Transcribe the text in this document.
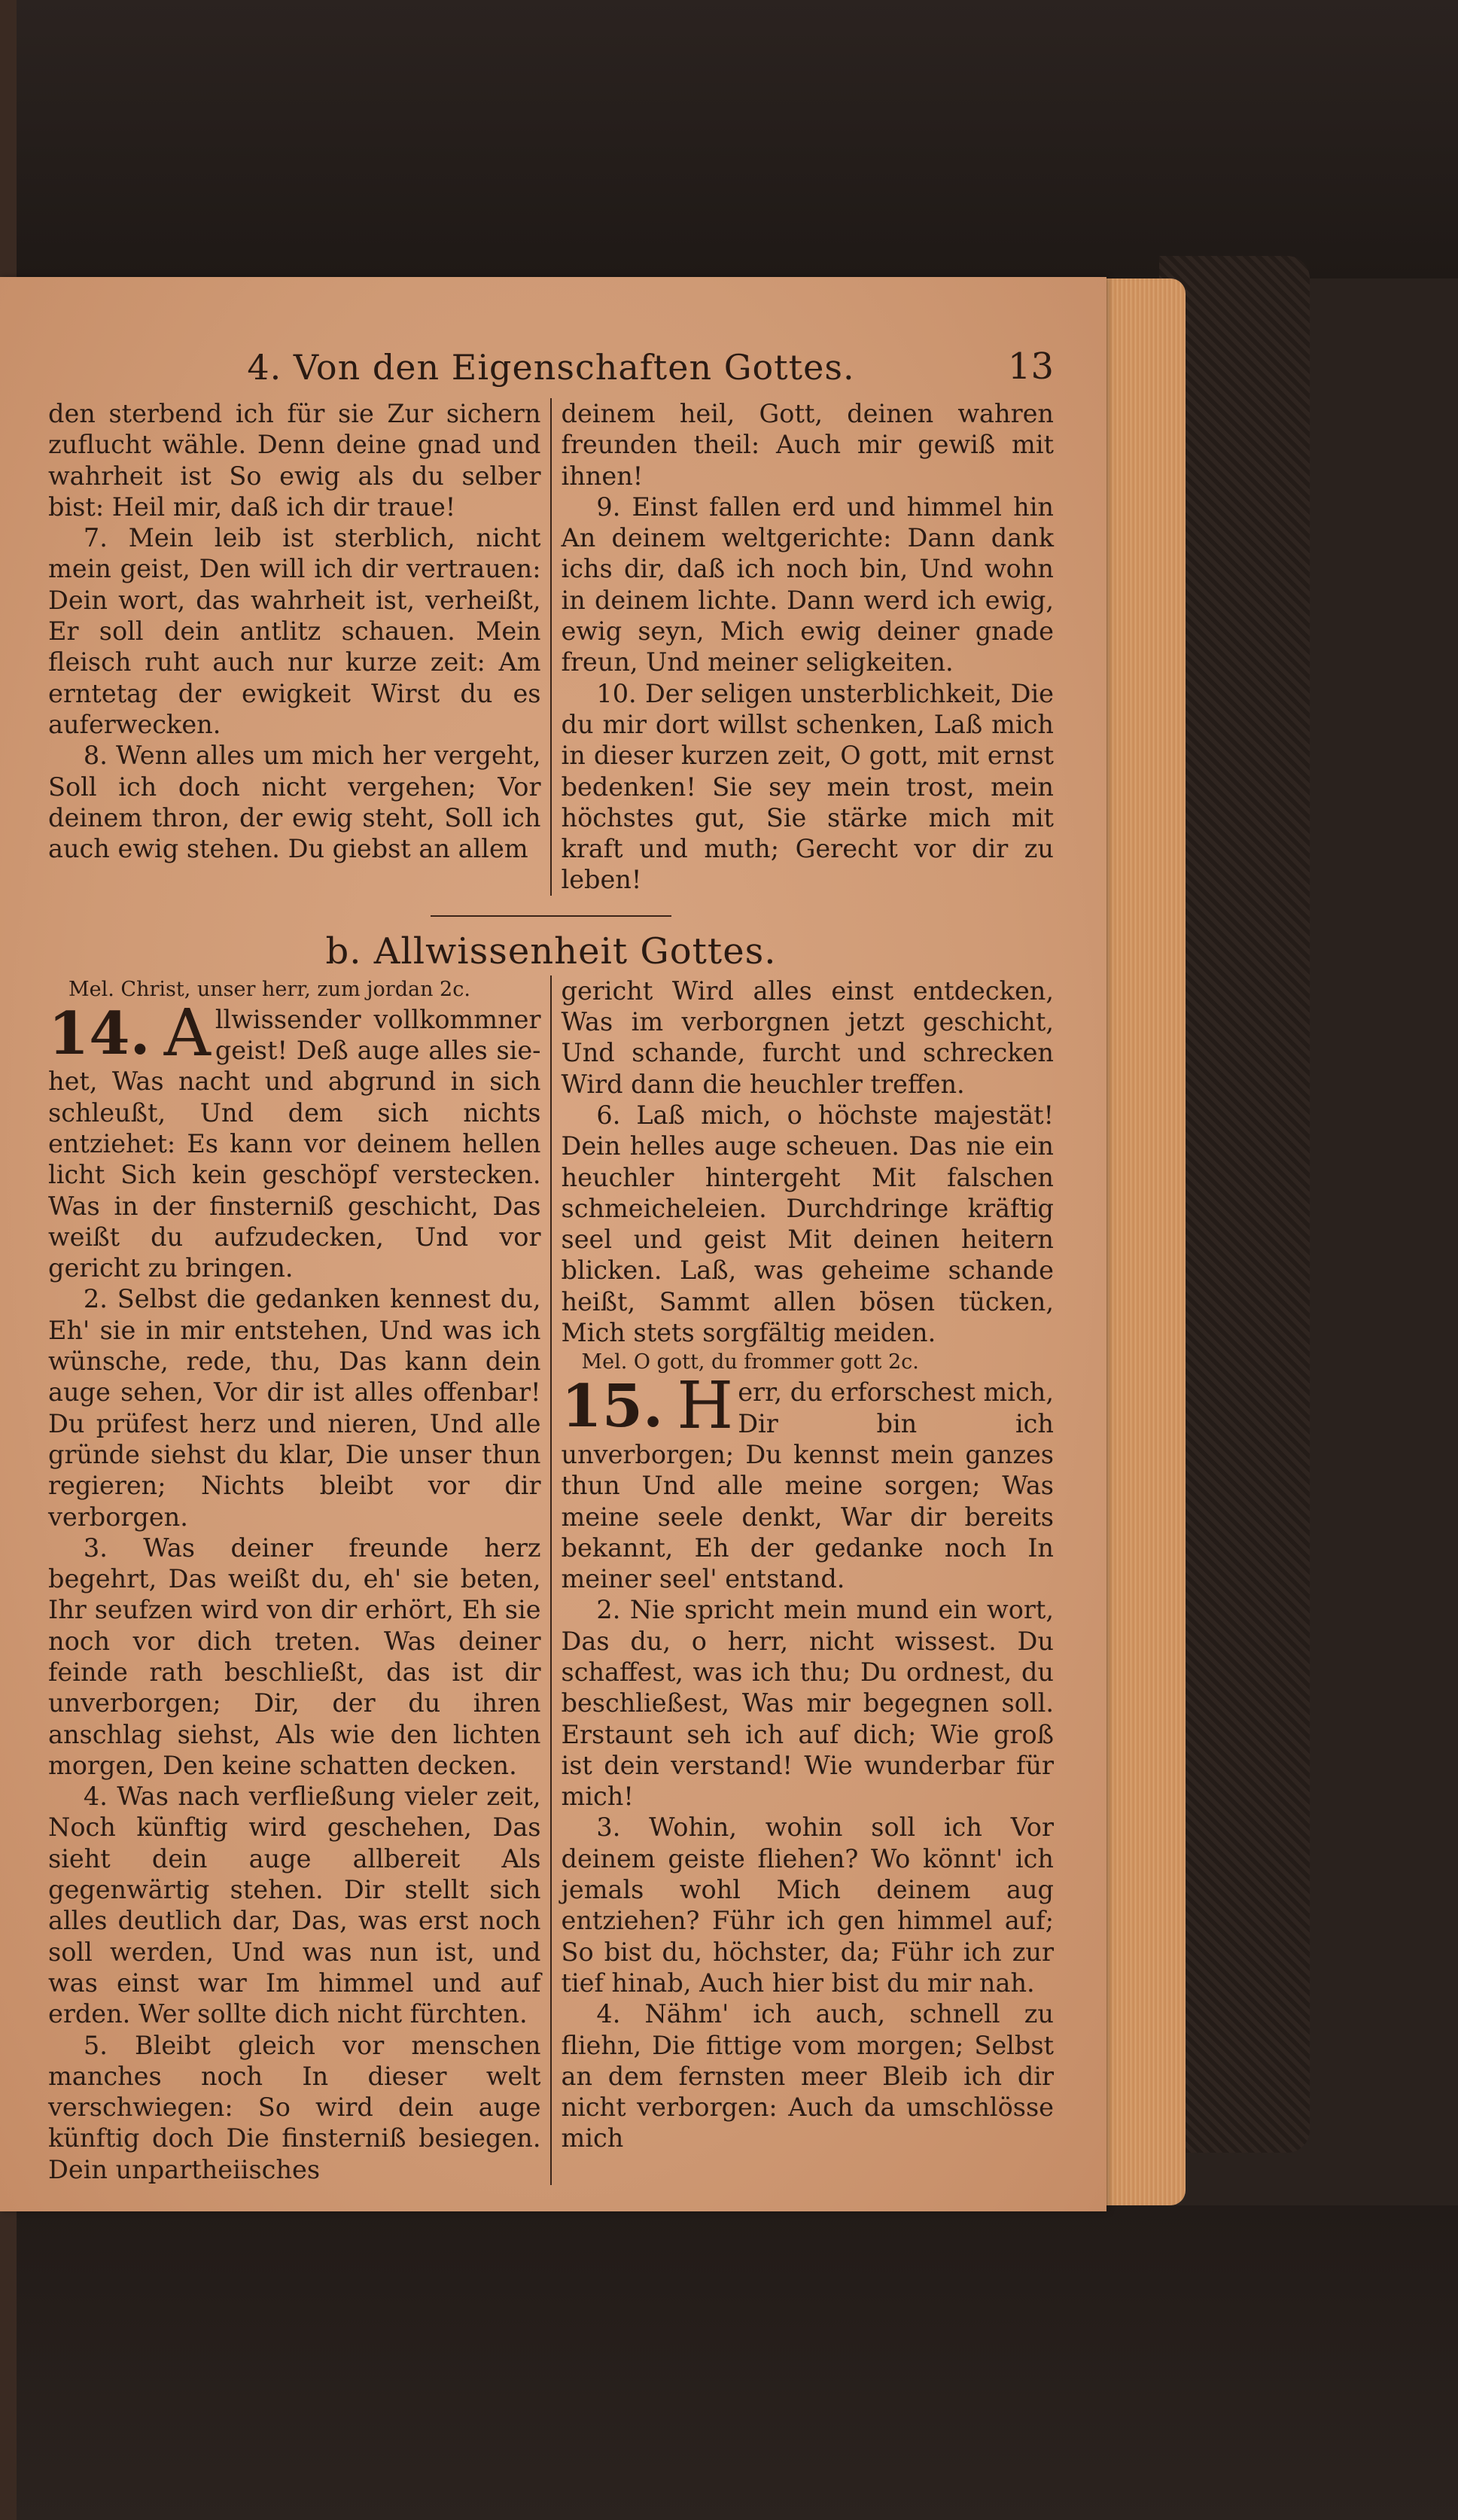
4. Von den Eigenschaften Gottes.	13

den sterbend ich für sie Zur sichern zuflucht wähle. Denn deine gnad und wahrheit ist So ewig als du selber bist: Heil mir, daß ich dir traue!

7. Mein leib ist sterblich, nicht mein geist, Den will ich dir vertrauen: Dein wort, das wahrheit ist, verheißt, Er soll dein antlitz schauen. Mein fleisch ruht auch nur kurze zeit: Am erntetag der ewigkeit Wirst du es auferwecken.

8. Wenn alles um mich her vergeht, Soll ich doch nicht vergehen; Vor deinem thron, der ewig steht, Soll ich auch ewig stehen. Du giebst an allem

deinem heil, Gott, deinen wahren freunden theil: Auch mir gewiß mit ihnen!

9. Einst fallen erd und himmel hin An deinem weltgerichte: Dann dank ichs dir, daß ich noch bin, Und wohn in deinem lichte. Dann werd ich ewig, ewig seyn, Mich ewig deiner gnade freun, Und meiner seligkeiten.

10. Der seligen unsterblichkeit, Die du mir dort willst schenken, Laß mich in dieser kurzen zeit, O gott, mit ernst bedenken! Sie sey mein trost, mein höchstes gut, Sie stärke mich mit kraft und muth; Gerecht vor dir zu leben!

b. Allwissenheit Gottes.

Mel. Christ, unser herr, zum jordan 2c.

14. A llwissender vollkommner geist! Deß auge alles sie-het, Was nacht und abgrund in sich schleußt, Und dem sich nichts entziehet: Es kann vor deinem hellen licht Sich kein geschöpf verstecken. Was in der finsterniß geschicht, Das weißt du aufzudecken, Und vor gericht zu bringen.

2. Selbst die gedanken kennest du, Eh' sie in mir entstehen, Und was ich wünsche, rede, thu, Das kann dein auge sehen, Vor dir ist alles offenbar! Du prüfest herz und nieren, Und alle gründe siehst du klar, Die unser thun regieren; Nichts bleibt vor dir verborgen.

3. Was deiner freunde herz begehrt, Das weißt du, eh' sie beten, Ihr seufzen wird von dir erhört, Eh sie noch vor dich treten. Was deiner feinde rath beschließt, das ist dir unverborgen; Dir, der du ihren anschlag siehst, Als wie den lichten morgen, Den keine schatten decken.

4. Was nach verfließung vieler zeit, Noch künftig wird geschehen, Das sieht dein auge allbereit Als gegenwärtig stehen. Dir stellt sich alles deutlich dar, Das, was erst noch soll werden, Und was nun ist, und was einst war Im himmel und auf erden. Wer sollte dich nicht fürchten.

5. Bleibt gleich vor menschen manches noch In dieser welt verschwiegen: So wird dein auge künftig doch Die finsterniß besiegen. Dein unpartheiisches

gericht Wird alles einst entdecken, Was im verborgnen jetzt geschicht, Und schande, furcht und schrecken Wird dann die heuchler treffen.

6. Laß mich, o höchste majestät! Dein helles auge scheuen. Das nie ein heuchler hintergeht Mit falschen schmeicheleien. Durchdringe kräftig seel und geist Mit deinen heitern blicken. Laß, was geheime schande heißt, Sammt allen bösen tücken, Mich stets sorgfältig meiden.

Mel. O gott, du frommer gott 2c.

15. H err, du erforschest mich, Dir bin ich unverborgen; Du kennst mein ganzes thun Und alle meine sorgen; Was meine seele denkt, War dir bereits bekannt, Eh der gedanke noch In meiner seel' entstand.

2. Nie spricht mein mund ein wort, Das du, o herr, nicht wissest. Du schaffest, was ich thu; Du ordnest, du beschließest, Was mir begegnen soll. Erstaunt seh ich auf dich; Wie groß ist dein verstand! Wie wunderbar für mich!

3. Wohin, wohin soll ich Vor deinem geiste fliehen? Wo könnt' ich jemals wohl Mich deinem aug entziehen? Führ ich gen himmel auf; So bist du, höchster, da; Führ ich zur tief hinab, Auch hier bist du mir nah.

4. Nähm' ich auch, schnell zu fliehn, Die fittige vom morgen; Selbst an dem fernsten meer Bleib ich dir nicht verborgen: Auch da umschlösse mich
